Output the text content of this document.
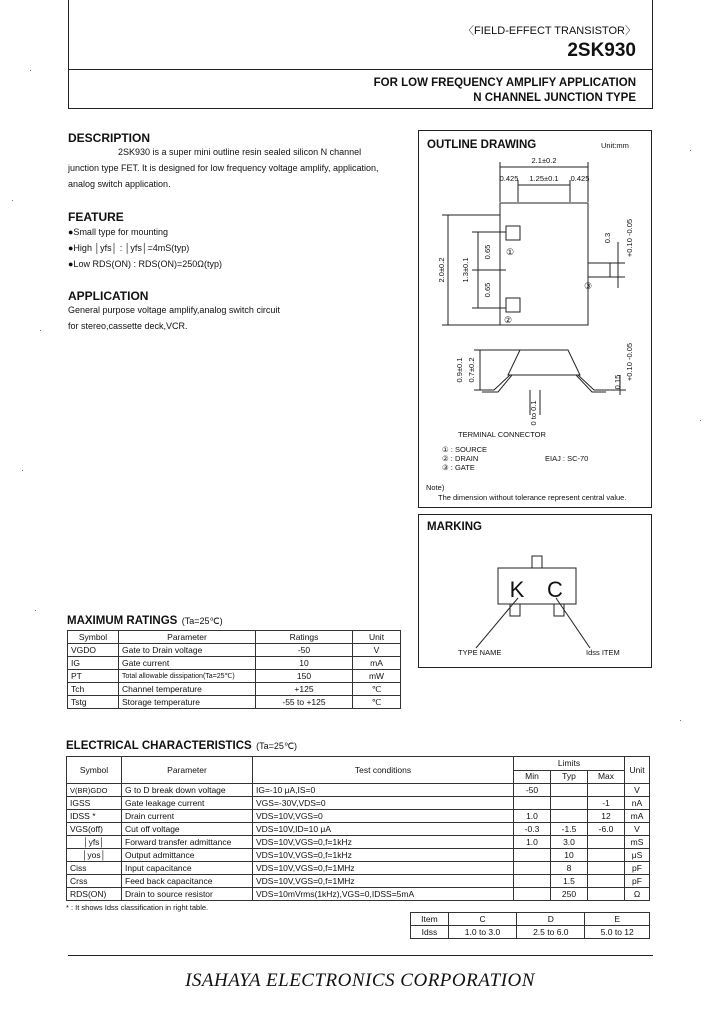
〈FIELD-EFFECT TRANSISTOR〉
2SK930
FOR LOW FREQUENCY AMPLIFY APPLICATION
N CHANNEL JUNCTION TYPE
DESCRIPTION
2SK930 is a super mini outline resin sealed silicon N channel
junction type FET. It is designed for low frequency voltage amplify, application,
analog switch application.
FEATURE
●Small type for mounting
●High │yfs│ : │yfs│=4mS(typ)
●Low RDS(ON) : RDS(ON)=250Ω(typ)
APPLICATION
General purpose voltage amplify,analog switch circuit
for stereo,cassette deck,VCR.
OUTLINE DRAWING	Unit:mm
2.1±0.2
0.425 1.25±0.1 0.425
2.0±0.2 1.3±0.1
0.65
0.65
0.3 +0.10 -0.05
0.9±0.1 0.7±0.2
0 to 0.1
0.15
+0.10 -0.05
①
②
③
TERMINAL CONNECTOR
① : SOURCE
② : DRAIN
③ : GATE
EIAJ : SC-70
Note)
The dimension without tolerance represent central value.
MARKING
K C
TYPE NAME	Idss ITEM
MAXIMUM RATINGS (Ta=25℃)
Symbol	Parameter	Ratings	Unit
VGDO	Gate to Drain voltage	-50	V
IG	Gate current	10	mA
PT	Total allowable dissipation(Ta=25℃)	150	mW
Tch	Channel temperature	+125	℃
Tstg	Storage temperature	-55 to +125	℃
ELECTRICAL CHARACTERISTICS (Ta=25℃)
Symbol	Parameter	Test conditions	Limits			Unit
			Min	Typ	Max	
V(BR)GDO	G to D break down voltage	IG=-10 μA,IS=0	-50			V
IGSS	Gate leakage current	VGS=-30V,VDS=0			-1	nA
IDSS *	Drain current	VDS=10V,VGS=0	1.0		12	mA
VGS(off)	Cut off voltage	VDS=10V,ID=10 μA	-0.3	-1.5	-6.0	V
│yfs│	Forward transfer admittance	VDS=10V,VGS=0,f=1kHz	1.0	3.0		mS
│yos│	Output admittance	VDS=10V,VGS=0,f=1kHz		10		μS
Ciss	Input capacitance	VDS=10V,VGS=0,f=1MHz		8		pF
Crss	Feed back capacitance	VDS=10V,VGS=0,f=1MHz		1.5		pF
RDS(ON)	Drain to source resistor	VDS=10mVrms(1kHz),VGS=0,IDSS=5mA		250		Ω
* : It shows Idss classification in right table.
Item	C	D	E
Idss	1.0 to 3.0	2.5 to 6.0	5.0 to 12
ISAHAYA ELECTRONICS CORPORATION
